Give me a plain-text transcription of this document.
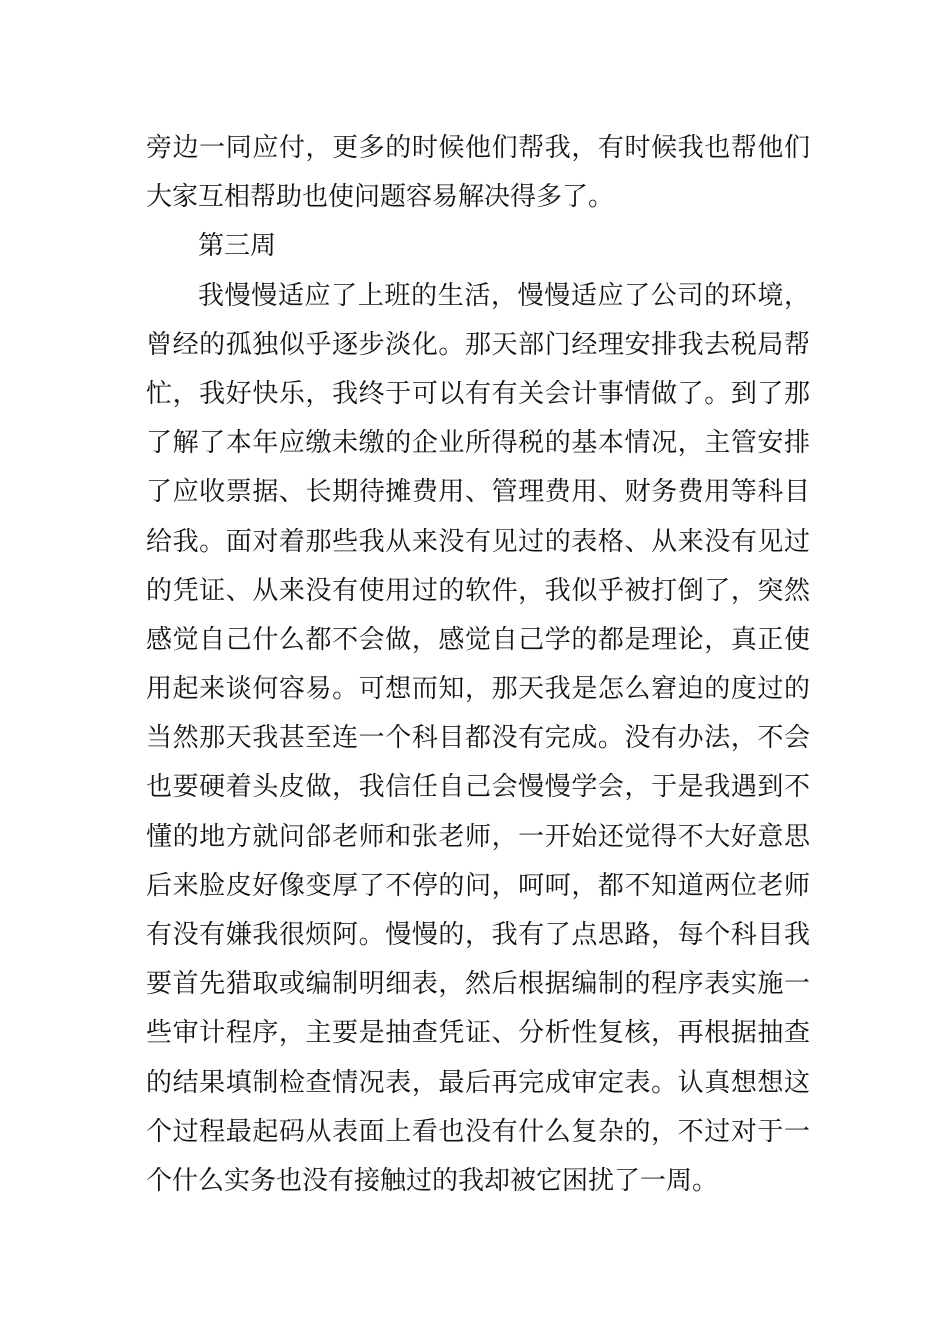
旁边一同应付，更多的时候他们帮我，有时候我也帮他们
大家互相帮助也使问题容易解决得多了。
第三周
我慢慢适应了上班的生活，慢慢适应了公司的环境，
曾经的孤独似乎逐步淡化。那天部门经理安排我去税局帮
忙，我好快乐，我终于可以有有关会计事情做了。到了那
了解了本年应缴未缴的企业所得税的基本情况，主管安排
了应收票据、长期待摊费用、管理费用、财务费用等科目
给我。面对着那些我从来没有见过的表格、从来没有见过
的凭证、从来没有使用过的软件，我似乎被打倒了，突然
感觉自己什么都不会做，感觉自己学的都是理论，真正使
用起来谈何容易。可想而知，那天我是怎么窘迫的度过的
当然那天我甚至连一个科目都没有完成。没有办法，不会
也要硬着头皮做，我信任自己会慢慢学会，于是我遇到不
懂的地方就问郃老师和张老师，一开始还觉得不大好意思
后来脸皮好像变厚了不停的问，呵呵，都不知道两位老师
有没有嫌我很烦阿。慢慢的，我有了点思路，每个科目我
要首先猎取或编制明细表，然后根据编制的程序表实施一
些审计程序，主要是抽查凭证、分析性复核，再根据抽查
的结果填制检查情况表，最后再完成审定表。认真想想这
个过程最起码从表面上看也没有什么复杂的，不过对于一
个什么实务也没有接触过的我却被它困扰了一周。
